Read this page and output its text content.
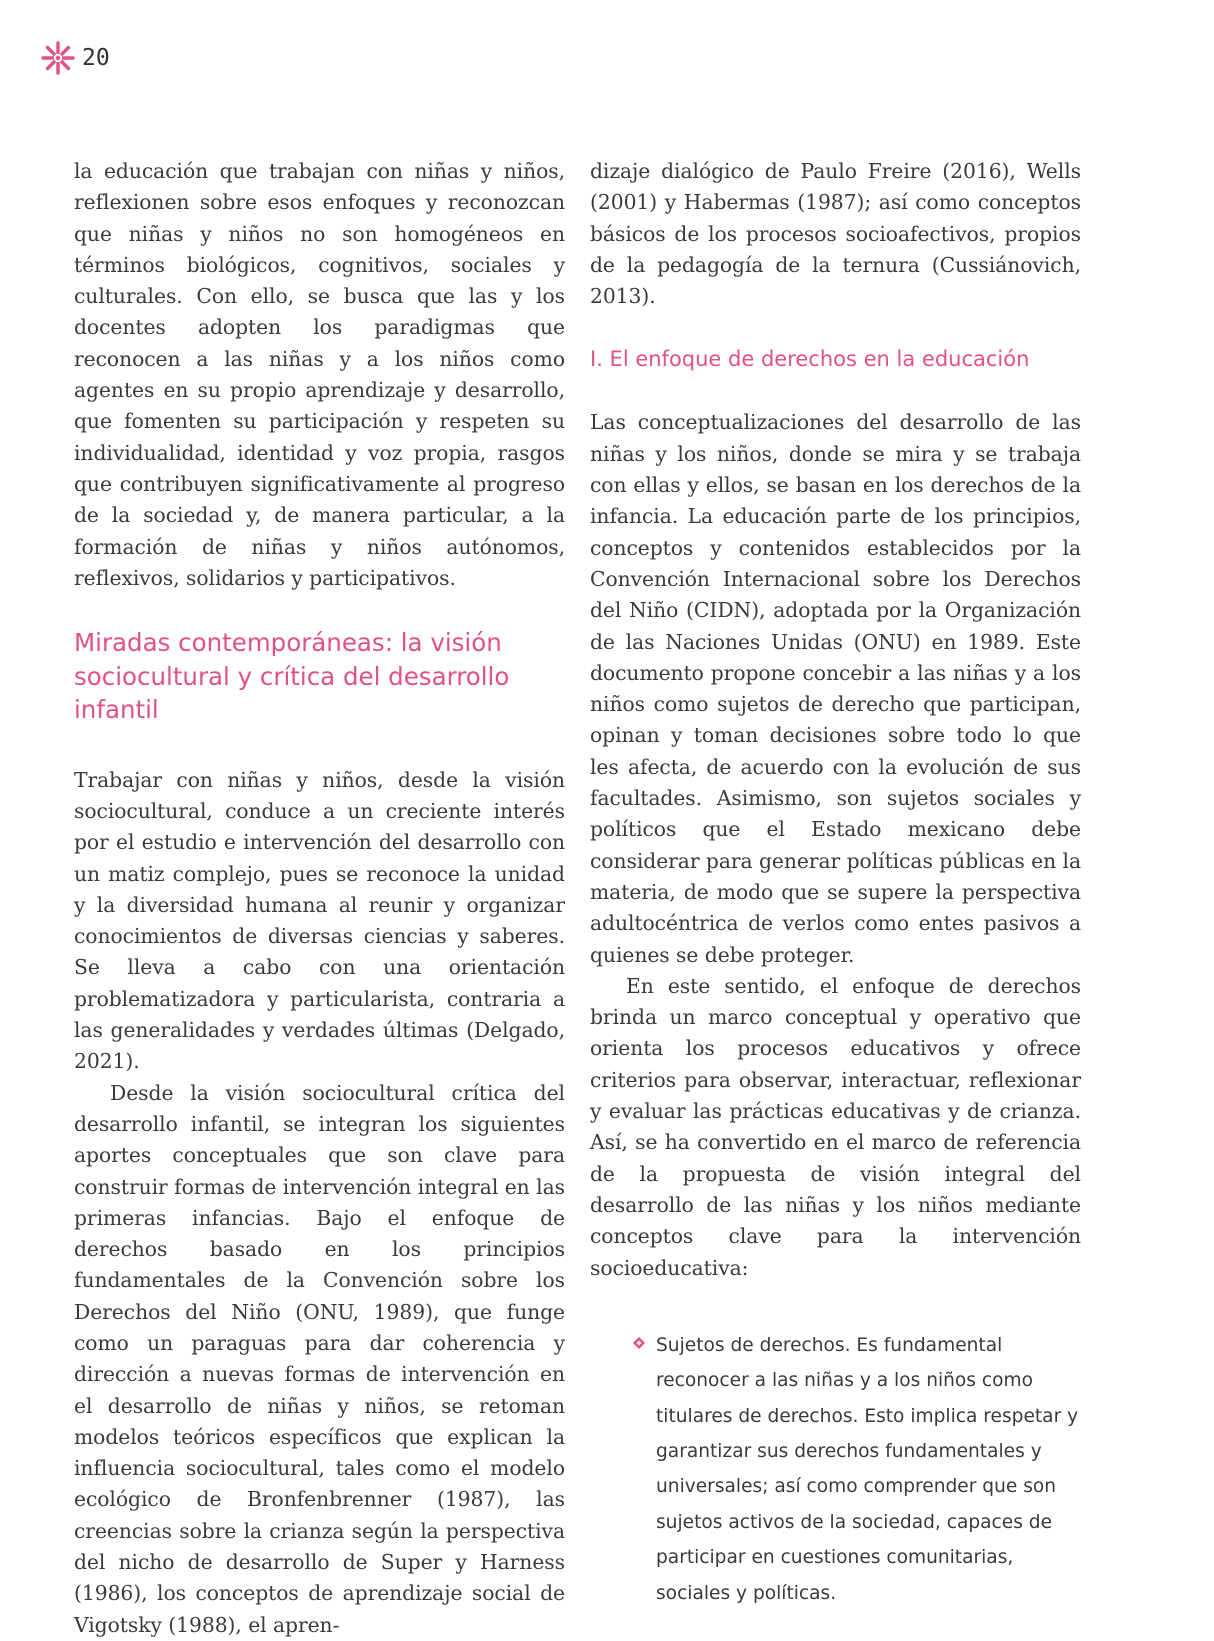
20

la educación que trabajan con niñas y niños, reflexionen sobre esos enfoques y reconozcan que niñas y niños no son homogéneos en términos biológicos, cognitivos, sociales y culturales. Con ello, se busca que las y los docentes adopten los paradigmas que reconocen a las niñas y a los niños como agentes en su propio aprendizaje y desarrollo, que fomenten su participación y respeten su individualidad, identidad y voz propia, rasgos que contribuyen significativamente al progreso de la sociedad y, de manera particular, a la formación de niñas y niños autónomos, reflexivos, solidarios y participativos.

Miradas contemporáneas: la visión sociocultural y crítica del desarrollo infantil

Trabajar con niñas y niños, desde la visión sociocultural, conduce a un creciente interés por el estudio e intervención del desarrollo con un matiz complejo, pues se reconoce la unidad y la diversidad humana al reunir y organizar conocimientos de diversas ciencias y saberes. Se lleva a cabo con una orientación problematizadora y particularista, contraria a las generalidades y verdades últimas (Delgado, 2021).

Desde la visión sociocultural crítica del desarrollo infantil, se integran los siguientes aportes conceptuales que son clave para construir formas de intervención integral en las primeras infancias. Bajo el enfoque de derechos basado en los principios fundamentales de la Convención sobre los Derechos del Niño (ONU, 1989), que funge como un paraguas para dar coherencia y dirección a nuevas formas de intervención en el desarrollo de niñas y niños, se retoman modelos teóricos específicos que explican la influencia sociocultural, tales como el modelo ecológico de Bronfenbrenner (1987), las creencias sobre la crianza según la perspectiva del nicho de desarrollo de Super y Harness (1986), los conceptos de aprendizaje social de Vigotsky (1988), el apren-

dizaje dialógico de Paulo Freire (2016), Wells (2001) y Habermas (1987); así como conceptos básicos de los procesos socioafectivos, propios de la pedagogía de la ternura (Cussiánovich, 2013).

I. El enfoque de derechos en la educación

Las conceptualizaciones del desarrollo de las niñas y los niños, donde se mira y se trabaja con ellas y ellos, se basan en los derechos de la infancia. La educación parte de los principios, conceptos y contenidos establecidos por la Convención Internacional sobre los Derechos del Niño (CIDN), adoptada por la Organización de las Naciones Unidas (ONU) en 1989. Este documento propone concebir a las niñas y a los niños como sujetos de derecho que participan, opinan y toman decisiones sobre todo lo que les afecta, de acuerdo con la evolución de sus facultades. Asimismo, son sujetos sociales y políticos que el Estado mexicano debe considerar para generar políticas públicas en la materia, de modo que se supere la perspectiva adultocéntrica de verlos como entes pasivos a quienes se debe proteger.

En este sentido, el enfoque de derechos brinda un marco conceptual y operativo que orienta los procesos educativos y ofrece criterios para observar, interactuar, reflexionar y evaluar las prácticas educativas y de crianza. Así, se ha convertido en el marco de referencia de la propuesta de visión integral del desarrollo de las niñas y los niños mediante conceptos clave para la intervención socioeducativa:

Sujetos de derechos. Es fundamental reconocer a las niñas y a los niños como titulares de derechos. Esto implica respetar y garantizar sus derechos fundamentales y universales; así como comprender que son sujetos activos de la sociedad, capaces de participar en cuestiones comunitarias, sociales y políticas.
